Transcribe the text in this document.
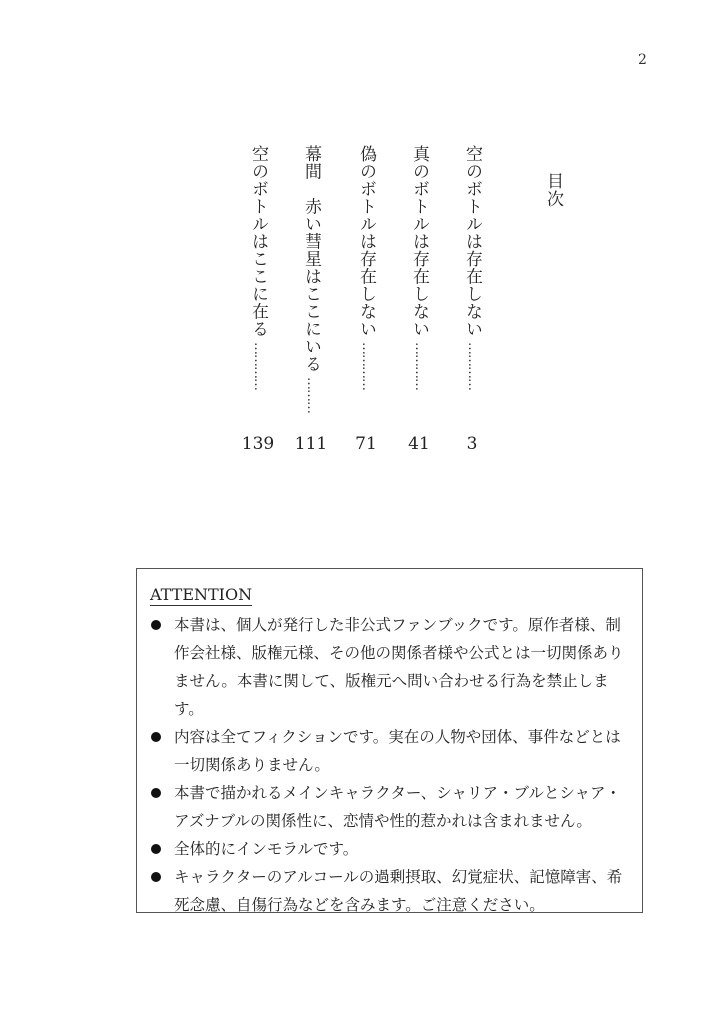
2
目次
空のボトルは存在しない
…………
真のボトルは存在しない
…………
偽のボトルは存在しない
…………
幕間　赤い彗星はここにいる
………
空のボトルはここに在る
…………
3
41
71
111
139
ATTENTION
本書は、個人が発行した非公式ファンブックです。原作者様、制作会社様、版権元様、その他の関係者様や公式とは一切関係ありません。本書に関して、版権元へ問い合わせる行為を禁止します。
内容は全てフィクションです。実在の人物や団体、事件などとは一切関係ありません。
本書で描かれるメインキャラクター、シャリア・ブルとシャア・アズナブルの関係性に、恋情や性的惹かれは含まれません。
全体的にインモラルです。
キャラクターのアルコールの過剰摂取、幻覚症状、記憶障害、希死念慮、自傷行為などを含みます。ご注意ください。
